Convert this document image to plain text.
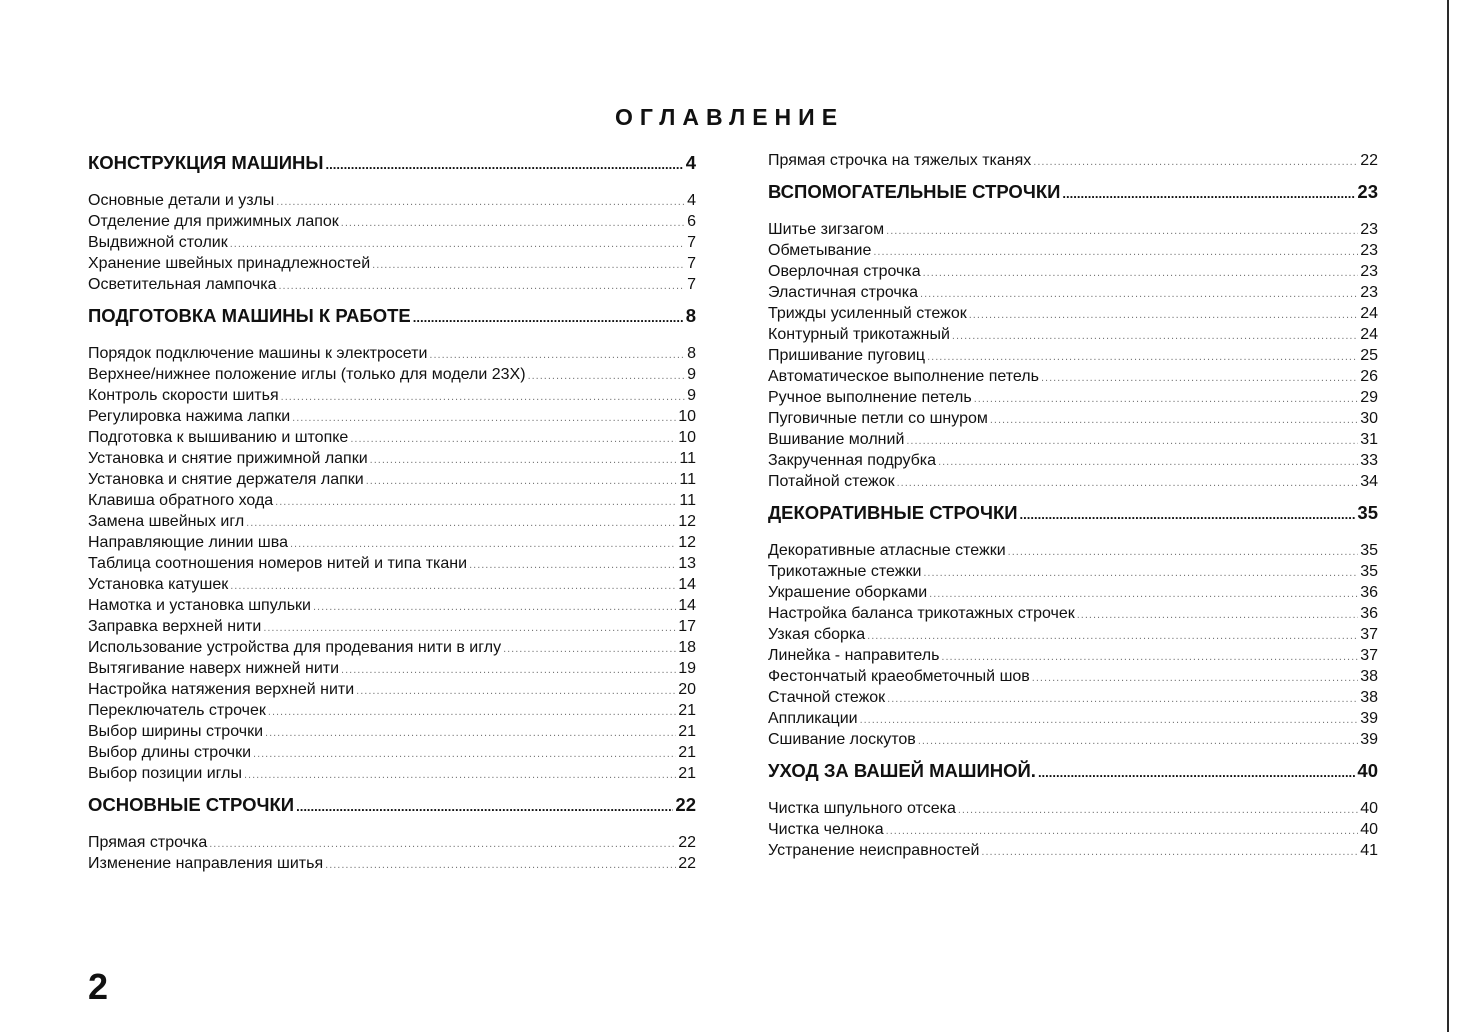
ОГЛАВЛЕНИЕ
КОНСТРУКЦИЯ МАШИНЫ .....	4
Основные детали и узлы .....	4
Отделение для прижимных лапок .....	6
Выдвижной столик .....	7
Хранение швейных принадлежностей .....	7
Осветительная лампочка .....	7
ПОДГОТОВКА МАШИНЫ К РАБОТЕ .....	8
Порядок подключение машины к электросети .....	8
Верхнее/нижнее положение иглы (только для модели 23X) .....	9
Контроль скорости шитья .....	9
Регулировка нажима лапки .....	10
Подготовка к вышиванию и штопке .....	10
Установка и снятие прижимной лапки .....	11
Установка и снятие держателя лапки .....	11
Клавиша обратного хода .....	11
Замена швейных игл .....	12
Направляющие линии шва .....	12
Таблица соотношения номеров нитей и типа ткани .....	13
Установка катушек .....	14
Намотка и установка шпульки .....	14
Заправка верхней нити .....	17
Использование устройства для продевания нити в иглу .....	18
Вытягивание наверх нижней нити .....	19
Настройка натяжения верхней нити .....	20
Переключатель строчек .....	21
Выбор ширины строчки .....	21
Выбор длины строчки .....	21
Выбор позиции иглы .....	21
ОСНОВНЫЕ СТРОЧКИ .....	22
Прямая строчка .....	22
Изменение направления шитья .....	22
Прямая строчка на тяжелых тканях .....	22
ВСПОМОГАТЕЛЬНЫЕ СТРОЧКИ .....	23
Шитье зигзагом .....	23
Обметывание .....	23
Оверлочная строчка .....	23
Эластичная строчка .....	23
Трижды усиленный стежок .....	24
Контурный трикотажный .....	24
Пришивание пуговиц .....	25
Автоматическое выполнение петель .....	26
Ручное выполнение петель .....	29
Пуговичные петли со шнуром .....	30
Вшивание молний .....	31
Закрученная подрубка .....	33
Потайной стежок .....	34
ДЕКОРАТИВНЫЕ СТРОЧКИ .....	35
Декоративные атласные стежки .....	35
Трикотажные стежки .....	35
Украшение оборками .....	36
Настройка баланса трикотажных строчек .....	36
Узкая сборка .....	37
Линейка - направитель .....	37
Фестончатый краеобметочный шов .....	38
Стачной стежок .....	38
Аппликации .....	39
Сшивание лоскутов .....	39
УХОД ЗА ВАШЕЙ МАШИНОЙ. .....	40
Чистка шпульного отсека .....	40
Чистка челнока .....	40
Устранение неисправностей .....	41
2
